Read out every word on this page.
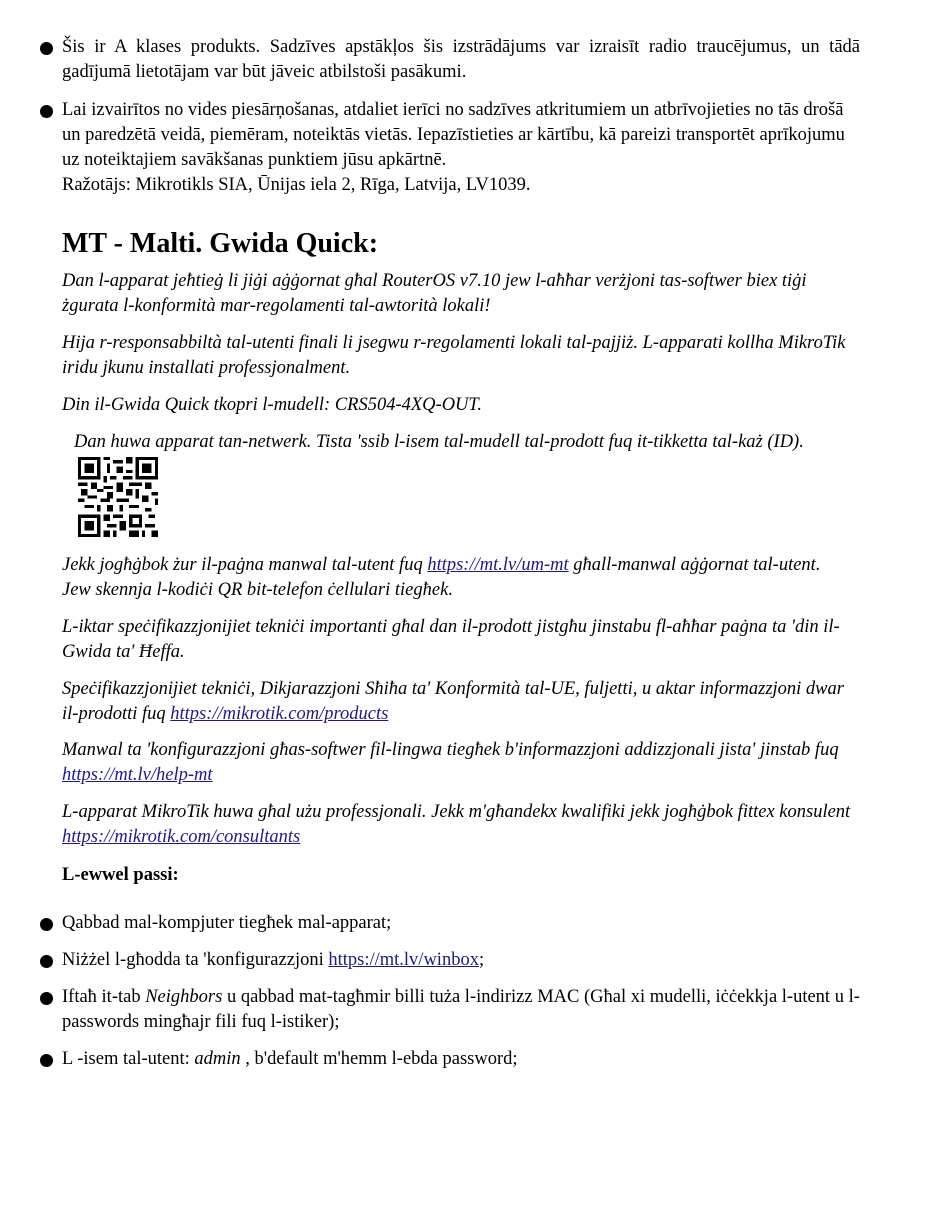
Šis ir A klases produkts. Sadzīves apstākļos šis izstrādājums var izraisīt radio traucējumus, un tādā gadījumā lietotājam var būt jāveic atbilstoši pasākumi.
Lai izvairītos no vides piesārņošanas, atdaliet ierīci no sadzīves atkritumiem un atbrīvojieties no tās drošā un paredzētā veidā, piemēram, noteiktās vietās. Iepazīstieties ar kārtību, kā pareizi transportēt aprīkojumu uz noteiktajiem savākšanas punktiem jūsu apkārtnē.
Ražotājs: Mikrotikls SIA, Ūnijas iela 2, Rīga, Latvija, LV1039.
MT - Malti. Gwida Quick:

Dan l-apparat jeħtieġ li jiġi aġġornat għal RouterOS v7.10 jew l-aħħar verżjoni tas-softwer biex tiġi żgurata l-konformità mar-regolamenti tal-awtorità lokali!

Hija r-responsabbiltà tal-utenti finali li jsegwu r-regolamenti lokali tal-pajjiż. L-apparati kollha MikroTik iridu jkunu installati professjonalment.

Din il-Gwida Quick tkopri l-mudell: CRS504-4XQ-OUT.

Dan huwa apparat tan-netwerk. Tista 'ssib l-isem tal-mudell tal-prodott fuq it-tikketta tal-każ (ID).

Jekk jogħġbok żur il-paġna manwal tal-utent fuq https://mt.lv/um-mt għall-manwal aġġornat tal-utent. Jew skennja l-kodiċi QR bit-telefon ċellulari tiegħek.

L-iktar speċifikazzjonijiet tekniċi importanti għal dan il-prodott jistgħu jinstabu fl-aħħar paġna ta 'din il-Gwida ta' Ħeffa.

Speċifikazzjonijiet tekniċi, Dikjarazzjoni Sħiħa ta' Konformità tal-UE, fuljetti, u aktar informazzjoni dwar il-prodotti fuq https://mikrotik.com/products

Manwal ta 'konfigurazzjoni għas-softwer fil-lingwa tiegħek b'informazzjoni addizzjonali jista' jinstab fuq https://mt.lv/help-mt

L-apparat MikroTik huwa għal użu professjonali. Jekk m'għandekx kwalifiki jekk jogħġbok fittex konsulent https://mikrotik.com/consultants

L-ewwel passi:

Qabbad mal-kompjuter tiegħek mal-apparat;
Niżżel l-għodda ta 'konfigurazzjoni https://mt.lv/winbox;
Iftaħ it-tab Neighbors u qabbad mat-tagħmir billi tuża l-indirizz MAC (Għal xi mudelli, iċċekkja l-utent u l-passwords mingħajr fili fuq l-istiker);
L -isem tal-utent: admin , b'default m'hemm l-ebda password;
